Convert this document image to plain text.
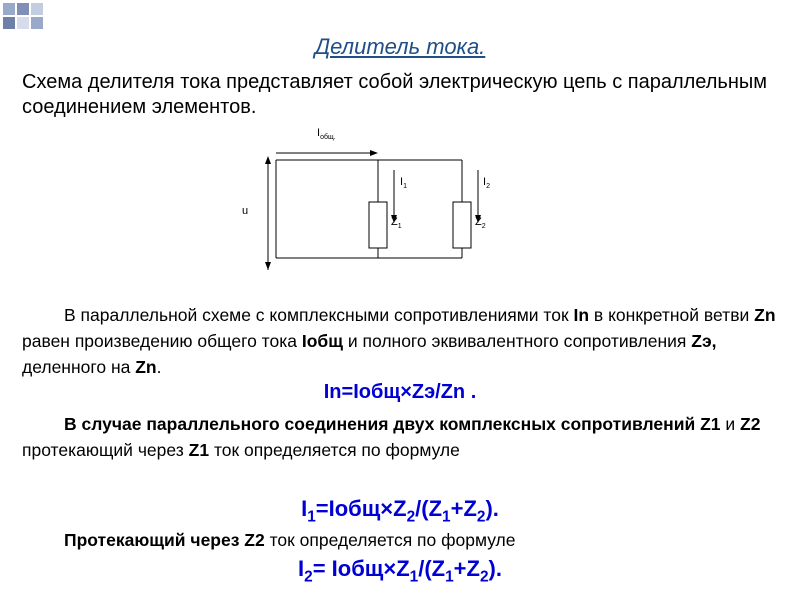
Делитель тока.
Схема делителя тока представляет собой электрическую цепь с параллельным соединением элементов.
$I_{общ.}$
u
$I_1$
$Z_1$
$I_2$
$Z_2$
В параллельной схеме с комплексными сопротивлениями ток In в конкретной ветви Zn равен произведению общего тока Iобщ и полного эквивалентного сопротивления Zэ, деленного на Zn.
In=Iобщ×Zэ/Zn .
В случае параллельного соединения двух комплексных сопротивлений Z1 и Z2 протекающий через Z1 ток определяется по формуле
$I_1=Iобщ\times Z_2/(Z_1+Z_2)$.
Протекающий через Z2 ток определяется по формуле
$I_2=$ $Iобщ\times Z_1/(Z_1+Z_2)$.
